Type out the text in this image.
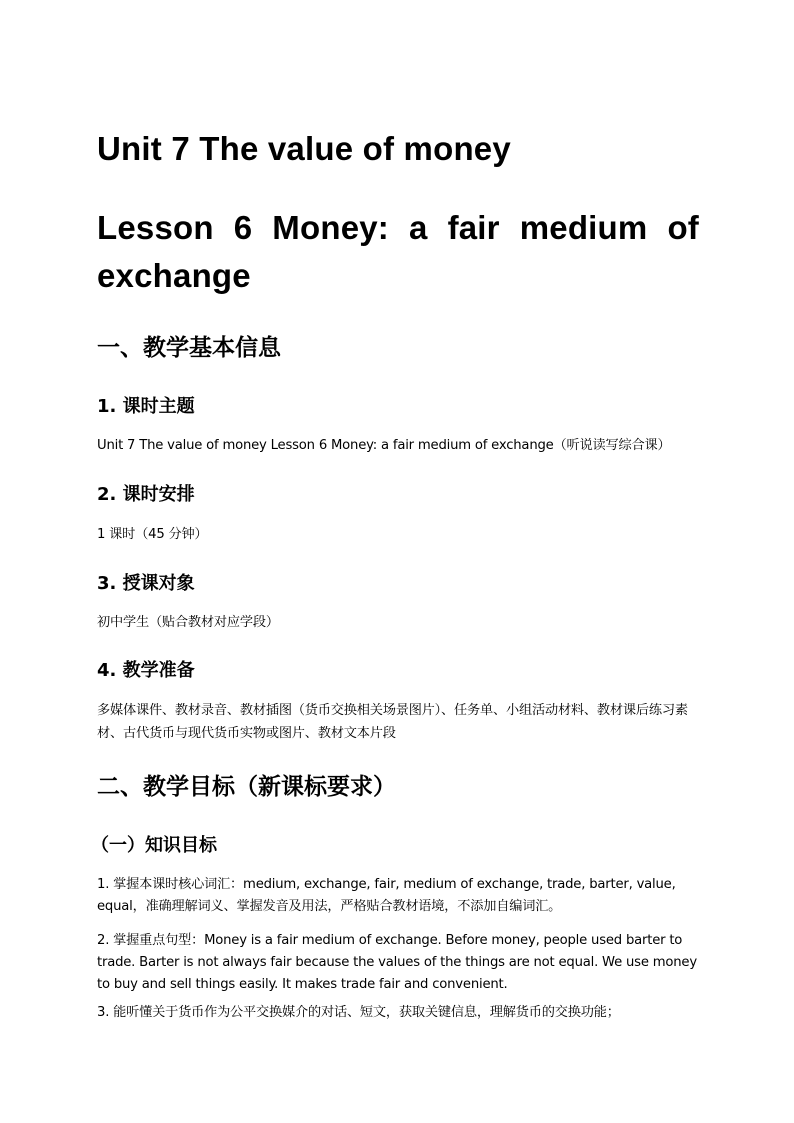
Unit 7 The value of money
Lesson 6 Money: a fair medium of exchange
一、教学基本信息
1. 课时主题

Unit 7 The value of money Lesson 6 Money: a fair medium of exchange（听说读写综合课）

2. 课时安排

1 课时（45 分钟）

3. 授课对象

初中学生（贴合教材对应学段）

4. 教学准备

多媒体课件、教材录音、教材插图（货币交换相关场景图片）、任务单、小组活动材料、教材课后练习素材、古代货币与现代货币实物或图片、教材文本片段

二、教学目标（新课标要求）
（一）知识目标

1. 掌握本课时核心词汇：medium, exchange, fair, medium of exchange, trade, barter, value, equal，准确理解词义、掌握发音及用法，严格贴合教材语境，不添加自编词汇。

2. 掌握重点句型：Money is a fair medium of exchange. Before money, people used barter to trade. Barter is not always fair because the values of the things are not equal. We use money to buy and sell things easily. It makes trade fair and convenient.

3. 能听懂关于货币作为公平交换媒介的对话、短文，获取关键信息，理解货币的交换功能；
